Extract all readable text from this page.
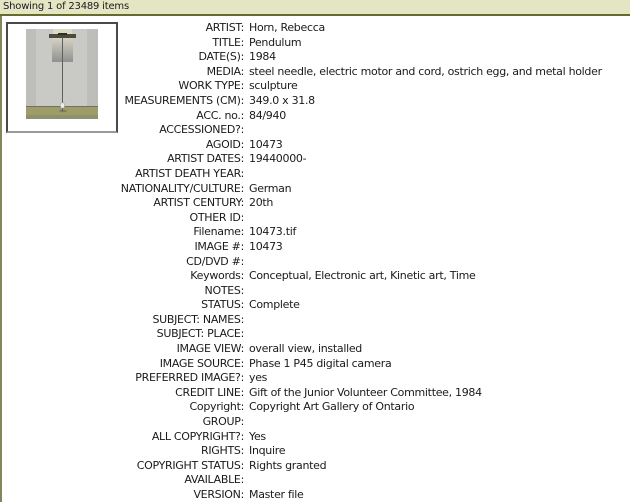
Showing 1 of 23489 items
ARTIST: Horn, Rebecca
TITLE: Pendulum
DATE(S): 1984
MEDIA: steel needle, electric motor and cord, ostrich egg, and metal holder
WORK TYPE: sculpture
MEASUREMENTS (CM): 349.0 x 31.8
ACC. no.: 84/940
ACCESSIONED?:
AGOID: 10473
ARTIST DATES: 19440000-
ARTIST DEATH YEAR:
NATIONALITY/CULTURE: German
ARTIST CENTURY: 20th
OTHER ID:
Filename: 10473.tif
IMAGE #: 10473
CD/DVD #:
Keywords: Conceptual, Electronic art, Kinetic art, Time
NOTES:
STATUS: Complete
SUBJECT: NAMES:
SUBJECT: PLACE:
IMAGE VIEW: overall view, installed
IMAGE SOURCE: Phase 1 P45 digital camera
PREFERRED IMAGE?: yes
CREDIT LINE: Gift of the Junior Volunteer Committee, 1984
Copyright: Copyright Art Gallery of Ontario
GROUP:
ALL COPYRIGHT?: Yes
RIGHTS: Inquire
COPYRIGHT STATUS: Rights granted
AVAILABLE:
VERSION: Master file
